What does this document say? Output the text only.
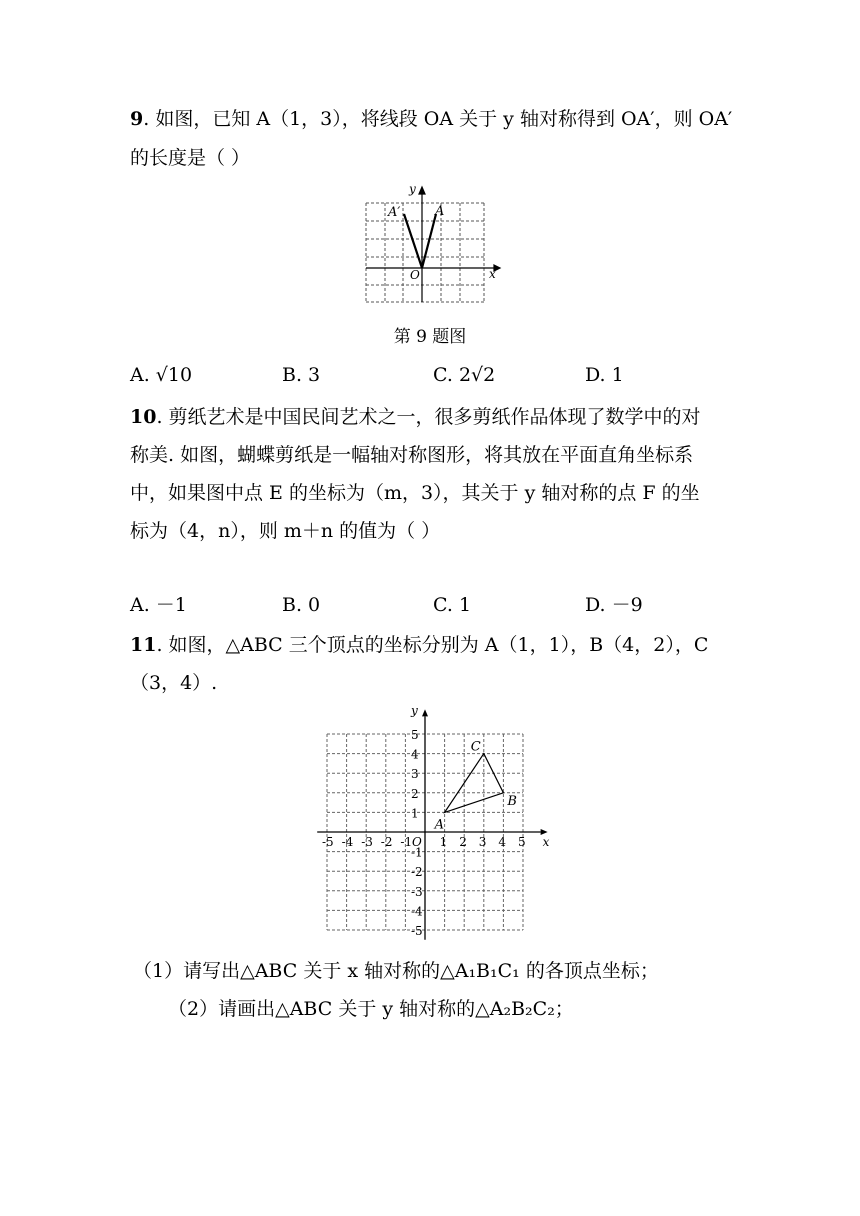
9. 如图，已知 A（1，3），将线段 OA 关于 y 轴对称得到 OA′，则 OA′
的长度是（ ）
A
A′
O	x
y
第 9 题图
A. √10	B. 3	C. 2√2	D. 1
10. 剪纸艺术是中国民间艺术之一，很多剪纸作品体现了数学中的对
称美. 如图，蝴蝶剪纸是一幅轴对称图形，将其放在平面直角坐标系
中，如果图中点 E 的坐标为（m，3），其关于 y 轴对称的点 F 的坐
标为（4，n），则 m＋n 的值为（ ）
A. －1	B. 0	C. 1	D. －9
11. 如图，△ABC 三个顶点的坐标分别为 A（1，1），B（4，2），C
（3，4）.
-5 -4 -3 -2 -1 1 2 3 4 5
5
4
3
2
1
-1
-2
-3
-4
-5
O	x
y
A
B
C
（1）请写出△ABC 关于 x 轴对称的△A₁B₁C₁ 的各顶点坐标；
（2）请画出△ABC 关于 y 轴对称的△A₂B₂C₂；
